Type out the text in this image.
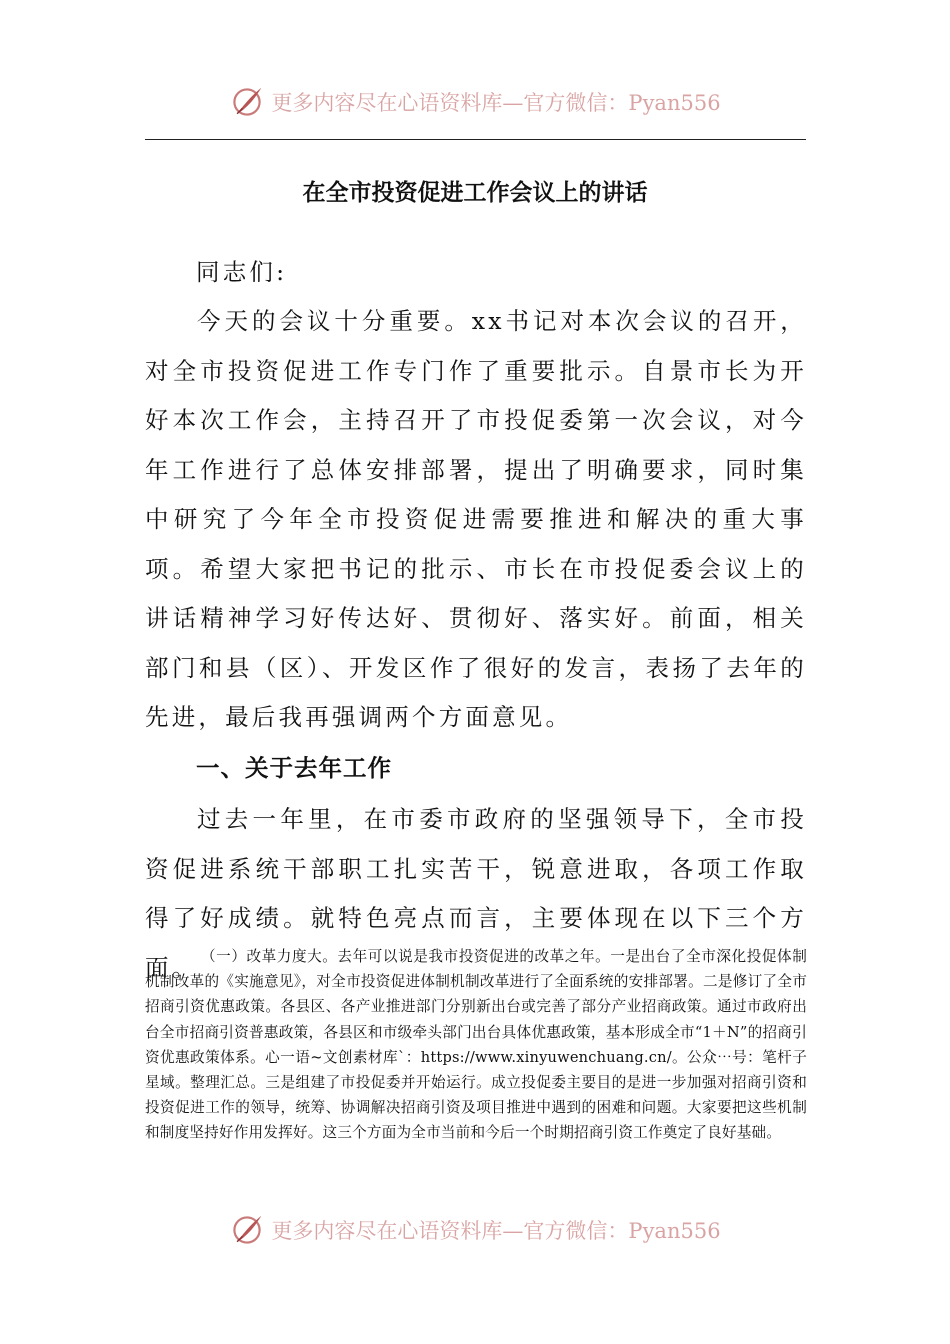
更多内容尽在心语资料库—官方微信：Pyan556
在全市投资促进工作会议上的讲话

同志们:

今天的会议十分重要。xx书记对本次会议的召开，对全市投资促进工作专门作了重要批示。自景市长为开好本次工作会，主持召开了市投促委第一次会议，对今年工作进行了总体安排部署，提出了明确要求，同时集中研究了今年全市投资促进需要推进和解决的重大事项。希望大家把书记的批示、市长在市投促委会议上的讲话精神学习好传达好、贯彻好、落实好。前面，相关部门和县（区）、开发区作了很好的发言，表扬了去年的先进，最后我再强调两个方面意见。

一、关于去年工作

过去一年里，在市委市政府的坚强领导下，全市投资促进系统干部职工扎实苦干，锐意进取，各项工作取得了好成绩。就特色亮点而言，主要体现在以下三个方面。 （一）改革力度大。去年可以说是我市投资促进的改革之年。一是出台了全市深化投促体制机制改革的《实施意见》，对全市投资促进体制机制改革进行了全面系统的安排部署。二是修订了全市招商引资优惠政策。各县区、各产业推进部门分别新出台或完善了部分产业招商政策。通过市政府出台全市招商引资普惠政策，各县区和市级牵头部门出台具体优惠政策，基本形成全市“1＋N”的招商引资优惠政策体系。心一语~文创素材库`：https://www.xinyuwenchuang.cn/。公众⋯号：笔杆子星域。整理汇总。三是组建了市投促委并开始运行。成立投促委主要目的是进一步加强对招商引资和投资促进工作的领导，统筹、协调解决招商引资及项目推进中遇到的困难和问题。大家要把这些机制和制度坚持好作用发挥好。这三个方面为全市当前和今后一个时期招商引资工作奠定了良好基础。

更多内容尽在心语资料库—官方微信：Pyan556
